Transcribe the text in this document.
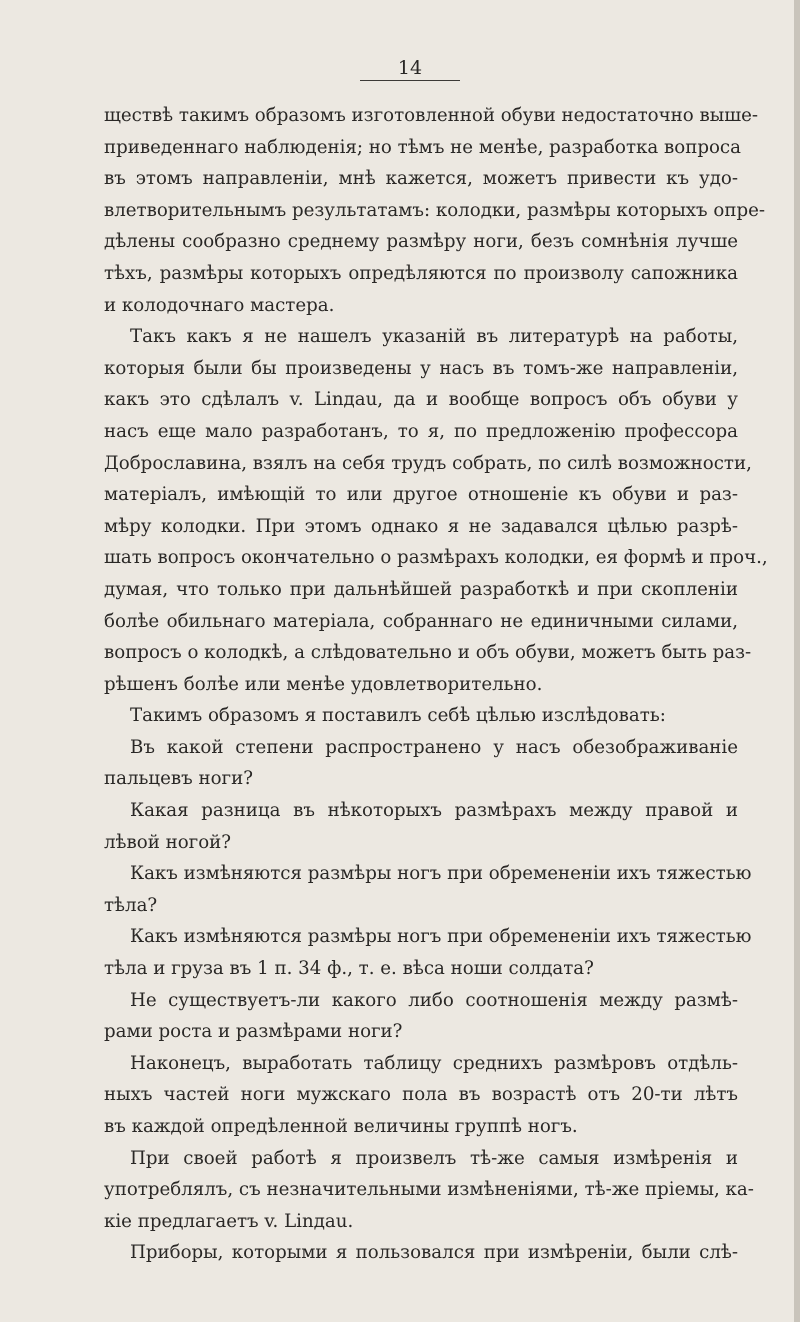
14
ществѣ такимъ образомъ изготовленной обуви недостаточно выше-
приведеннаго наблюденія; но тѣмъ не менѣе, разработка вопроса
въ этомъ направленіи, мнѣ кажется, можетъ привести къ удо-
влетворительнымъ результатамъ: колодки, размѣры которыхъ опре-
дѣлены сообразно среднему размѣру ноги, безъ сомнѣнія лучше
тѣхъ, размѣры которыхъ опредѣляются по произволу сапожника
и колодочнаго мастера.
Такъ какъ я не нашелъ указаній въ литературѣ на работы,
которыя были бы произведены у насъ въ томъ-же направленіи,
какъ это сдѣлалъ v. Linдau, да и вообще вопросъ объ обуви у
насъ еще мало разработанъ, то я, по предложенію профессора
Доброславина, взялъ на себя трудъ собрать, по силѣ возможности,
матеріалъ, имѣющій то или другое отношеніе къ обуви и раз-
мѣру колодки. При этомъ однако я не задавался цѣлью разрѣ-
шать вопросъ окончательно о размѣрахъ колодки, ея формѣ и проч.,
думая, что только при дальнѣйшей разработкѣ и при скопленіи
болѣе обильнаго матеріала, собраннаго не единичными силами,
вопросъ о колодкѣ, а слѣдовательно и объ обуви, можетъ быть раз-
рѣшенъ болѣе или менѣе удовлетворительно.
Такимъ образомъ я поставилъ себѣ цѣлью изслѣдовать:
Въ какой степени распространено у насъ обезображиваніе
пальцевъ ноги?
Какая разница въ нѣкоторыхъ размѣрахъ между правой и
лѣвой ногой?
Какъ измѣняются размѣры ногъ при обремененіи ихъ тяжестью
тѣла?
Какъ измѣняются размѣры ногъ при обремененіи ихъ тяжестью
тѣла и груза въ 1 п. 34 ф., т. е. вѣса ноши солдата?
Не существуетъ-ли какого либо соотношенія между размѣ-
рами роста и размѣрами ноги?
Наконецъ, выработать таблицу среднихъ размѣровъ отдѣль-
ныхъ частей ноги мужскаго пола въ возрастѣ отъ 20-ти лѣтъ
въ каждой опредѣленной величины группѣ ногъ.
При своей работѣ я произвелъ тѣ-же самыя измѣренія и
употреблялъ, съ незначительными измѣненіями, тѣ-же пріемы, ка-
кіе предлагаетъ v. Linдau.
Приборы, которыми я пользовался при измѣреніи, были слѣ-
